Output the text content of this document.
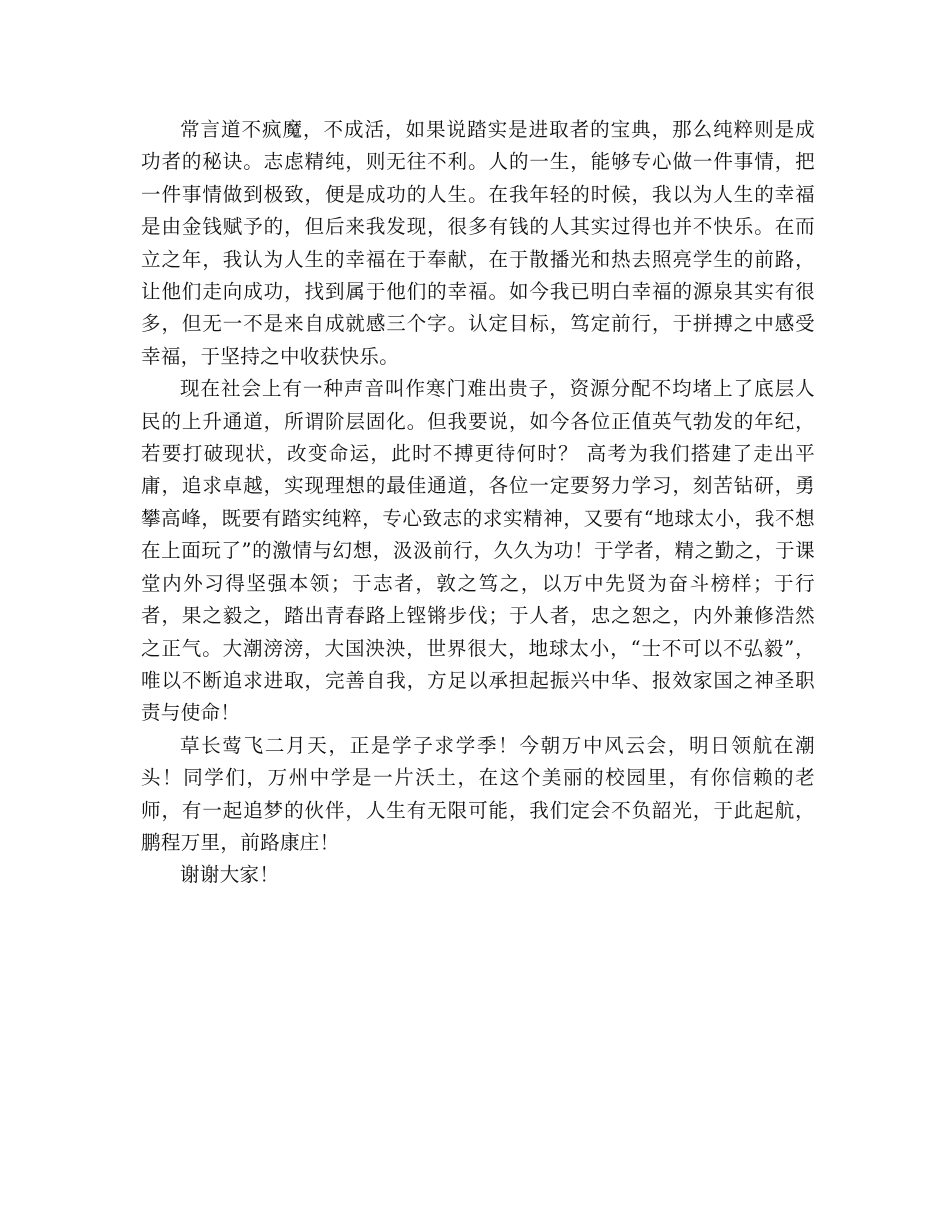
常言道不疯魔，不成活，如果说踏实是进取者的宝典，那么纯粹则是成功者的秘诀。志虑精纯，则无往不利。人的一生，能够专心做一件事情，把一件事情做到极致，便是成功的人生。在我年轻的时候，我以为人生的幸福是由金钱赋予的，但后来我发现，很多有钱的人其实过得也并不快乐。在而立之年，我认为人生的幸福在于奉献，在于散播光和热去照亮学生的前路，让他们走向成功，找到属于他们的幸福。如今我已明白幸福的源泉其实有很多，但无一不是来自成就感三个字。认定目标，笃定前行，于拼搏之中感受幸福，于坚持之中收获快乐。

现在社会上有一种声音叫作寒门难出贵子，资源分配不均堵上了底层人民的上升通道，所谓阶层固化。但我要说，如今各位正值英气勃发的年纪，若要打破现状，改变命运，此时不搏更待何时？ 高考为我们搭建了走出平庸，追求卓越，实现理想的最佳通道，各位一定要努力学习，刻苦钻研，勇攀高峰，既要有踏实纯粹，专心致志的求实精神，又要有“地球太小，我不想在上面玩了”的激情与幻想，汲汲前行，久久为功！于学者，精之勤之，于课堂内外习得坚强本领；于志者，敦之笃之，以万中先贤为奋斗榜样；于行者，果之毅之，踏出青春路上铿锵步伐；于人者，忠之恕之，内外兼修浩然之正气。大潮滂滂，大国泱泱，世界很大，地球太小，“士不可以不弘毅”，唯以不断追求进取，完善自我，方足以承担起振兴中华、报效家国之神圣职责与使命！

草长莺飞二月天，正是学子求学季！今朝万中风云会，明日领航在潮头！同学们，万州中学是一片沃土，在这个美丽的校园里，有你信赖的老师，有一起追梦的伙伴，人生有无限可能，我们定会不负韶光，于此起航，鹏程万里，前路康庄！

谢谢大家！
